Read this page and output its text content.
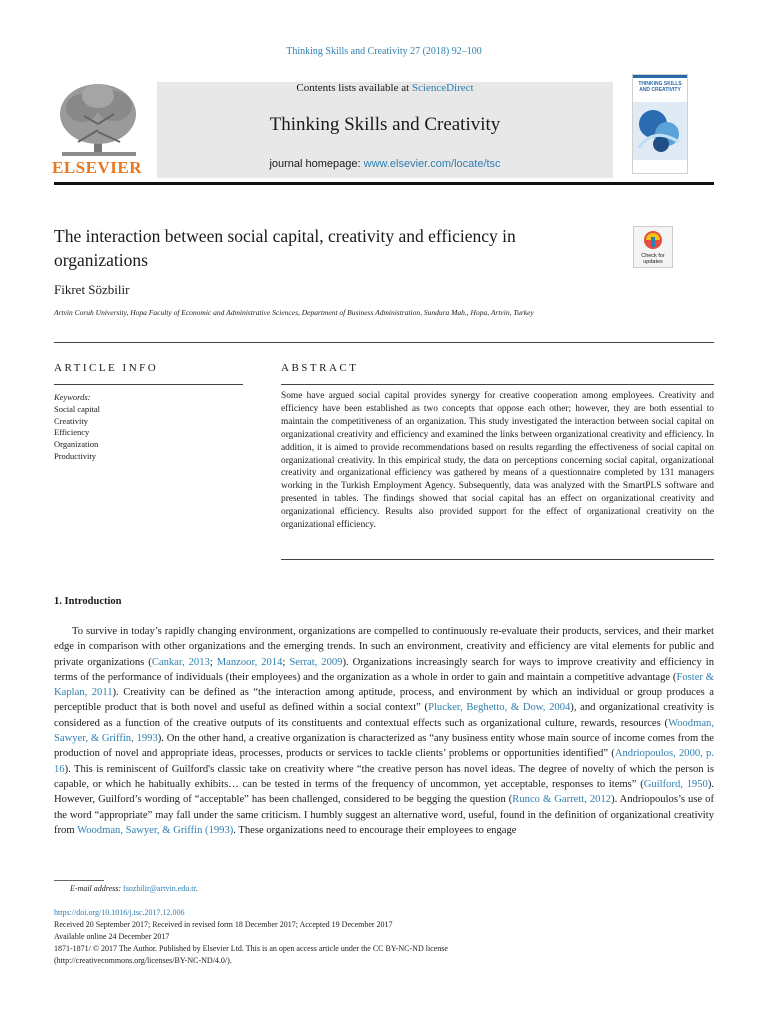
Thinking Skills and Creativity 27 (2018) 92–100
ELSEVIER
Contents lists available at ScienceDirect
Thinking Skills and Creativity
journal homepage: www.elsevier.com/locate/tsc
THINKING SKILLS AND CREATIVITY
The interaction between social capital, creativity and efficiency in organizations	Check for updates
Fikret Sözbilir
Artvin Coruh University, Hopa Faculty of Economic and Administrative Sciences, Department of Business Administration, Sundura Mah., Hopa, Artvin, Turkey
ARTICLE INFO	ABSTRACT
Keywords:
Social capital
Creativity
Efficiency
Organization
Productivity
Some have argued social capital provides synergy for creative cooperation among employees. Creativity and efficiency have been established as two concepts that oppose each other; however, they are both essential to maintain the competitiveness of an organization. This study investigated the interaction between social capital on organizational creativity and efficiency and examined the links between organizational creativity and efficiency. In addition, it is aimed to provide recommendations based on results regarding the effectiveness of social capital on organizational creativity. In this empirical study, the data on perceptions concerning social capital, organizational creativity and organizational efficiency was gathered by means of a questionnaire completed by 131 managers working in the Turkish Employment Agency. Subsequently, data was analyzed with the SmartPLS software and presented in tables. The findings showed that social capital has an effect on organizational creativity and organizational efficiency. Results also provided support for the effect of organizational creativity on the organizational efficiency.
1. Introduction
To survive in today’s rapidly changing environment, organizations are compelled to continuously re-evaluate their products, services, and their market edge in comparison with other organizations and the emerging trends. In such an environment, creativity and efficiency are vital elements for public and private organizations (Cankar, 2013; Manzoor, 2014; Serrat, 2009). Organizations increasingly search for ways to improve creativity and efficiency in terms of the performance of individuals (their employees) and the organization as a whole in order to gain and maintain a competitive advantage (Foster & Kaplan, 2011). Creativity can be defined as “the interaction among aptitude, process, and environment by which an individual or group produces a perceptible product that is both novel and useful as defined within a social context” (Plucker, Beghetto, & Dow, 2004), and organizational creativity is considered as a function of the creative outputs of its constituents and contextual effects such as organizational culture, rewards, resources (Woodman, Sawyer, & Griffin, 1993). On the other hand, a creative organization is characterized as “any business entity whose main source of income comes from the production of novel and appropriate ideas, processes, products or services to tackle clients’ problems or opportunities identified” (Andriopoulos, 2000, p. 16). This is reminiscent of Guilford's classic take on creativity where “the creative person has novel ideas. The degree of novelty of which the person is capable, or which he habitually exhibits… can be tested in terms of the frequency of uncommon, yet acceptable, responses to items” (Guilford, 1950). However, Guilford’s wording of “acceptable” has been challenged, considered to be begging the question (Runco & Garrett, 2012). Andriopoulos’s use of the word “appropriate” may fall under the same criticism. I humbly suggest an alternative word, useful, found in the definition of organizational creativity from Woodman, Sawyer, & Griffin (1993). These organizations need to encourage their employees to engage
E-mail address: fsozbilir@artvin.edu.tr.
https://doi.org/10.1016/j.tsc.2017.12.006
Received 20 September 2017; Received in revised form 18 December 2017; Accepted 19 December 2017
Available online 24 December 2017
1871-1871/ © 2017 The Author. Published by Elsevier Ltd. This is an open access article under the CC BY-NC-ND license
(http://creativecommons.org/licenses/BY-NC-ND/4.0/).
